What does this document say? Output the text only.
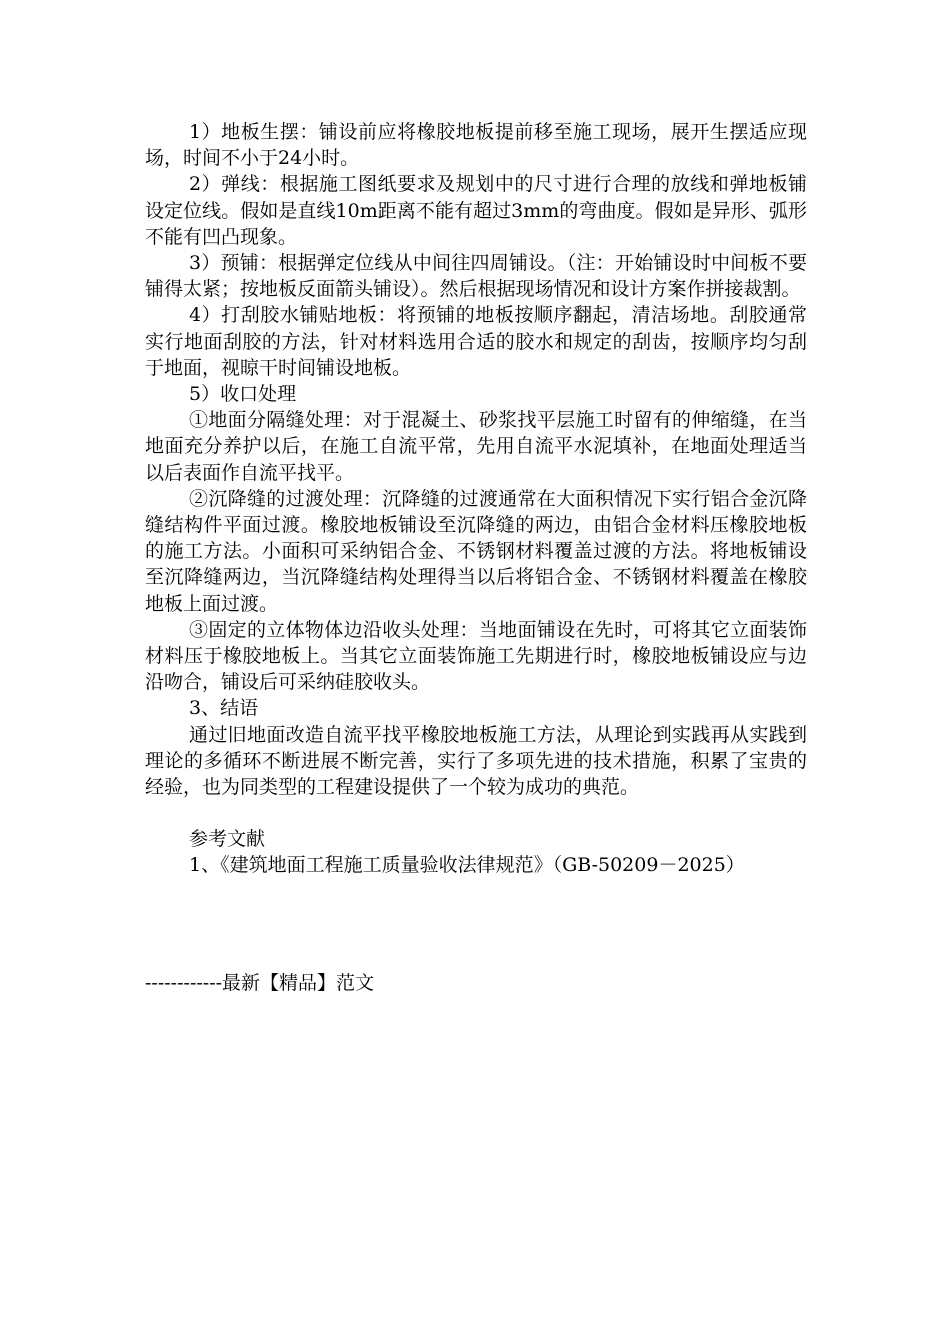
1）地板生摆：铺设前应将橡胶地板提前移至施工现场，展开生摆适应现场，时间不小于24小时。

2）弹线：根据施工图纸要求及规划中的尺寸进行合理的放线和弹地板铺设定位线。假如是直线10m距离不能有超过3mm的弯曲度。假如是异形、弧形不能有凹凸现象。

3）预铺：根据弹定位线从中间往四周铺设。（注：开始铺设时中间板不要铺得太紧；按地板反面箭头铺设）。然后根据现场情况和设计方案作拼接裁割。

4）打刮胶水铺贴地板：将预铺的地板按顺序翻起，清洁场地。刮胶通常实行地面刮胶的方法，针对材料选用合适的胶水和规定的刮齿，按顺序均匀刮于地面，视晾干时间铺设地板。

5）收口处理

①地面分隔缝处理：对于混凝土、砂浆找平层施工时留有的伸缩缝，在当地面充分养护以后，在施工自流平常，先用自流平水泥填补，在地面处理适当以后表面作自流平找平。

②沉降缝的过渡处理：沉降缝的过渡通常在大面积情况下实行铝合金沉降缝结构件平面过渡。橡胶地板铺设至沉降缝的两边，由铝合金材料压橡胶地板的施工方法。小面积可采纳铝合金、不锈钢材料覆盖过渡的方法。将地板铺设至沉降缝两边，当沉降缝结构处理得当以后将铝合金、不锈钢材料覆盖在橡胶地板上面过渡。

③固定的立体物体边沿收头处理：当地面铺设在先时，可将其它立面装饰材料压于橡胶地板上。当其它立面装饰施工先期进行时，橡胶地板铺设应与边沿吻合，铺设后可采纳硅胶收头。

3、结语

通过旧地面改造自流平找平橡胶地板施工方法，从理论到实践再从实践到理论的多循环不断进展不断完善，实行了多项先进的技术措施，积累了宝贵的经验，也为同类型的工程建设提供了一个较为成功的典范。

参考文献

1、《建筑地面工程施工质量验收法律规范》（GB-50209－2025）

------------最新【精品】范文
